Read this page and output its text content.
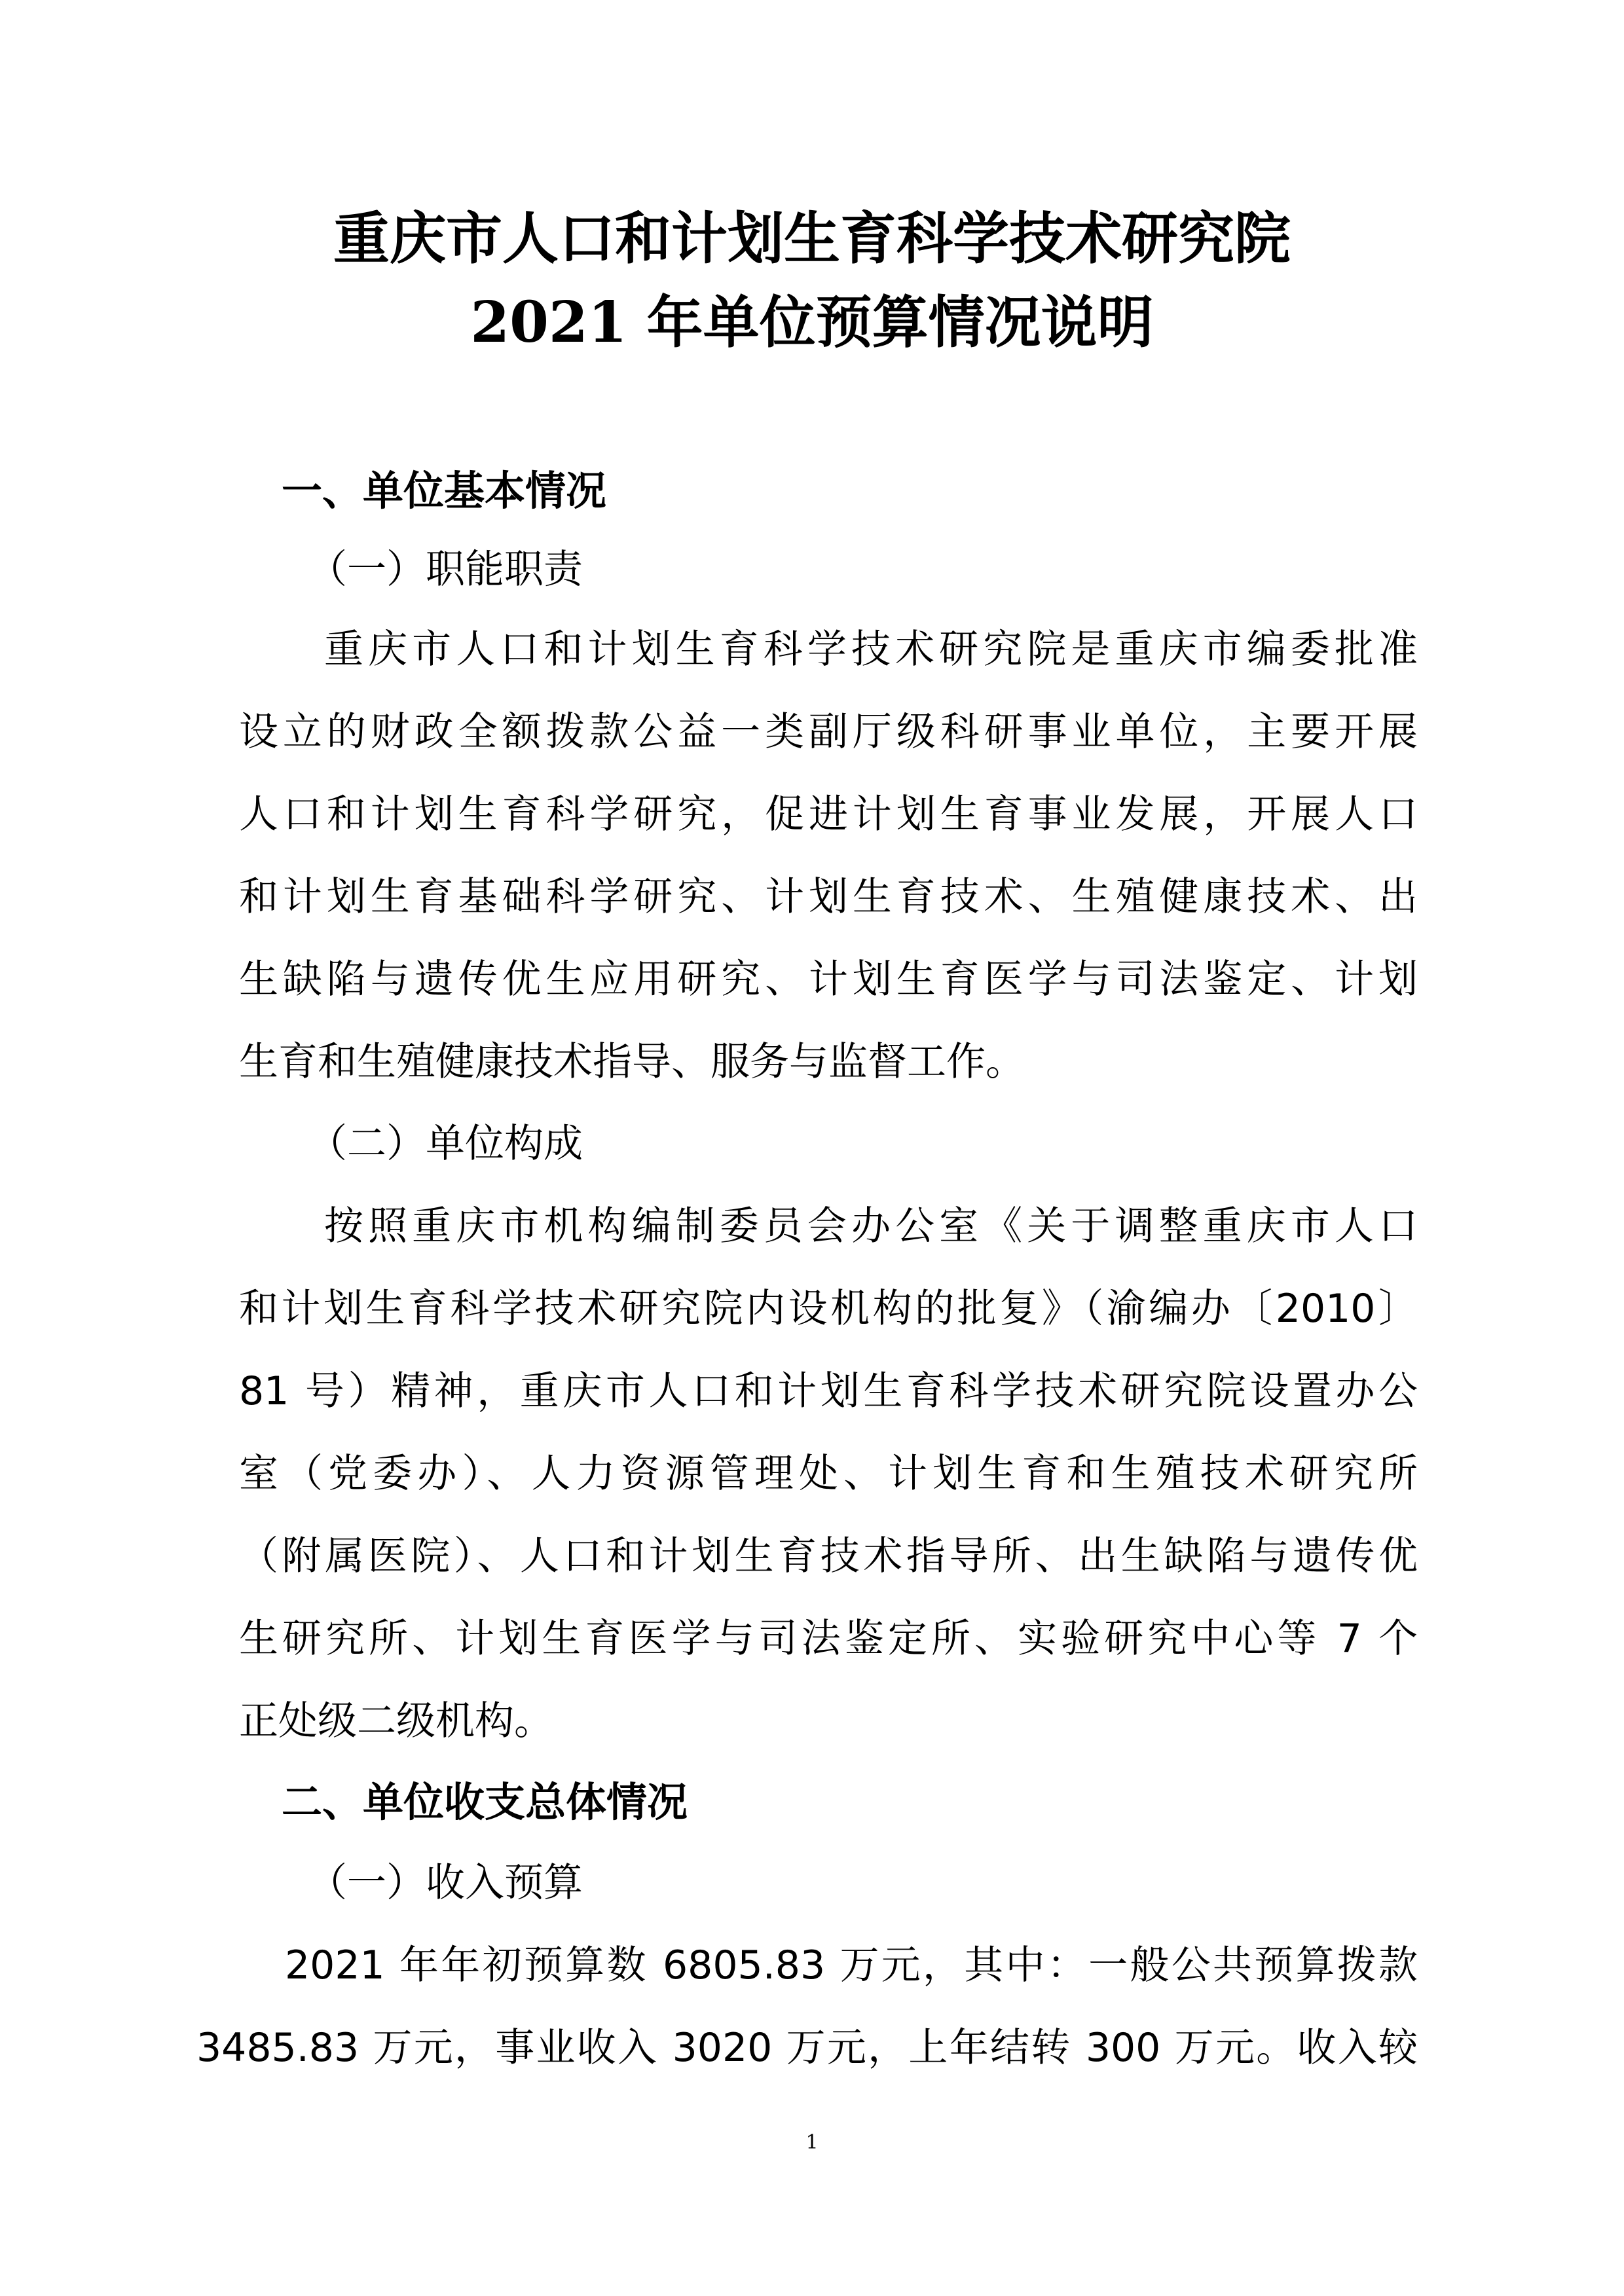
重庆市人口和计划生育科学技术研究院
2021 年单位预算情况说明
一、单位基本情况
（一）职能职责
重庆市人口和计划生育科学技术研究院是重庆市编委批准
设立的财政全额拨款公益一类副厅级科研事业单位，主要开展
人口和计划生育科学研究，促进计划生育事业发展，开展人口
和计划生育基础科学研究、计划生育技术、生殖健康技术、出
生缺陷与遗传优生应用研究、计划生育医学与司法鉴定、计划
生育和生殖健康技术指导、服务与监督工作。
（二）单位构成
按照重庆市机构编制委员会办公室《关于调整重庆市人口
和计划生育科学技术研究院内设机构的批复》（渝编办〔2010〕
81 号）精神，重庆市人口和计划生育科学技术研究院设置办公
室（党委办）、人力资源管理处、计划生育和生殖技术研究所
（附属医院）、人口和计划生育技术指导所、出生缺陷与遗传优
生研究所、计划生育医学与司法鉴定所、实验研究中心等 7 个
正处级二级机构。
二、单位收支总体情况
（一）收入预算
2021 年年初预算数 6805.83 万元，其中：一般公共预算拨款
3485.83 万元，事业收入 3020 万元，上年结转 300 万元。收入较
1
